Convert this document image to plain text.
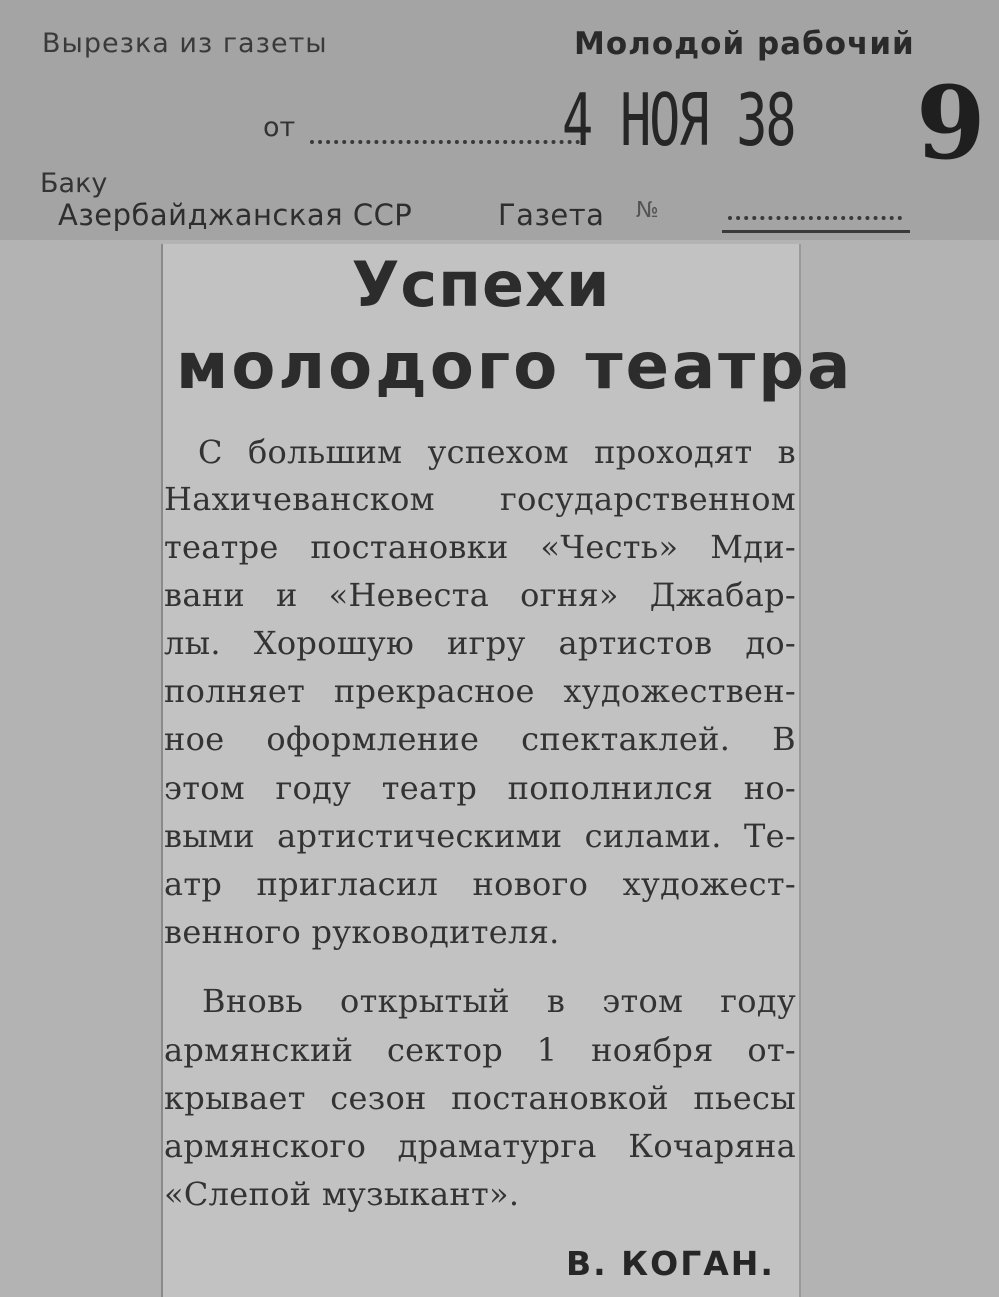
Вырезка из газеты	Молодой рабочий
от	4 НОЯ 38 9
Баку
Азербайджанская ССР	Газета №
Успехи
молодого театра
С большим успехом проходят в
Нахичеванском государственном
театре постановки «Честь» Мди-
вани и «Невеста огня» Джабар-
лы. Хорошую игру артистов до-
полняет прекрасное художествен-
ное оформление спектаклей. В
этом году театр пополнился но-
выми артистическими силами. Те-
атр пригласил нового художест-
венного руководителя.
Вновь открытый в этом году
армянский сектор 1 ноября от-
крывает сезон постановкой пьесы
армянского драматурга Кочаряна
«Слепой музыкант».
В. КОГАН.
